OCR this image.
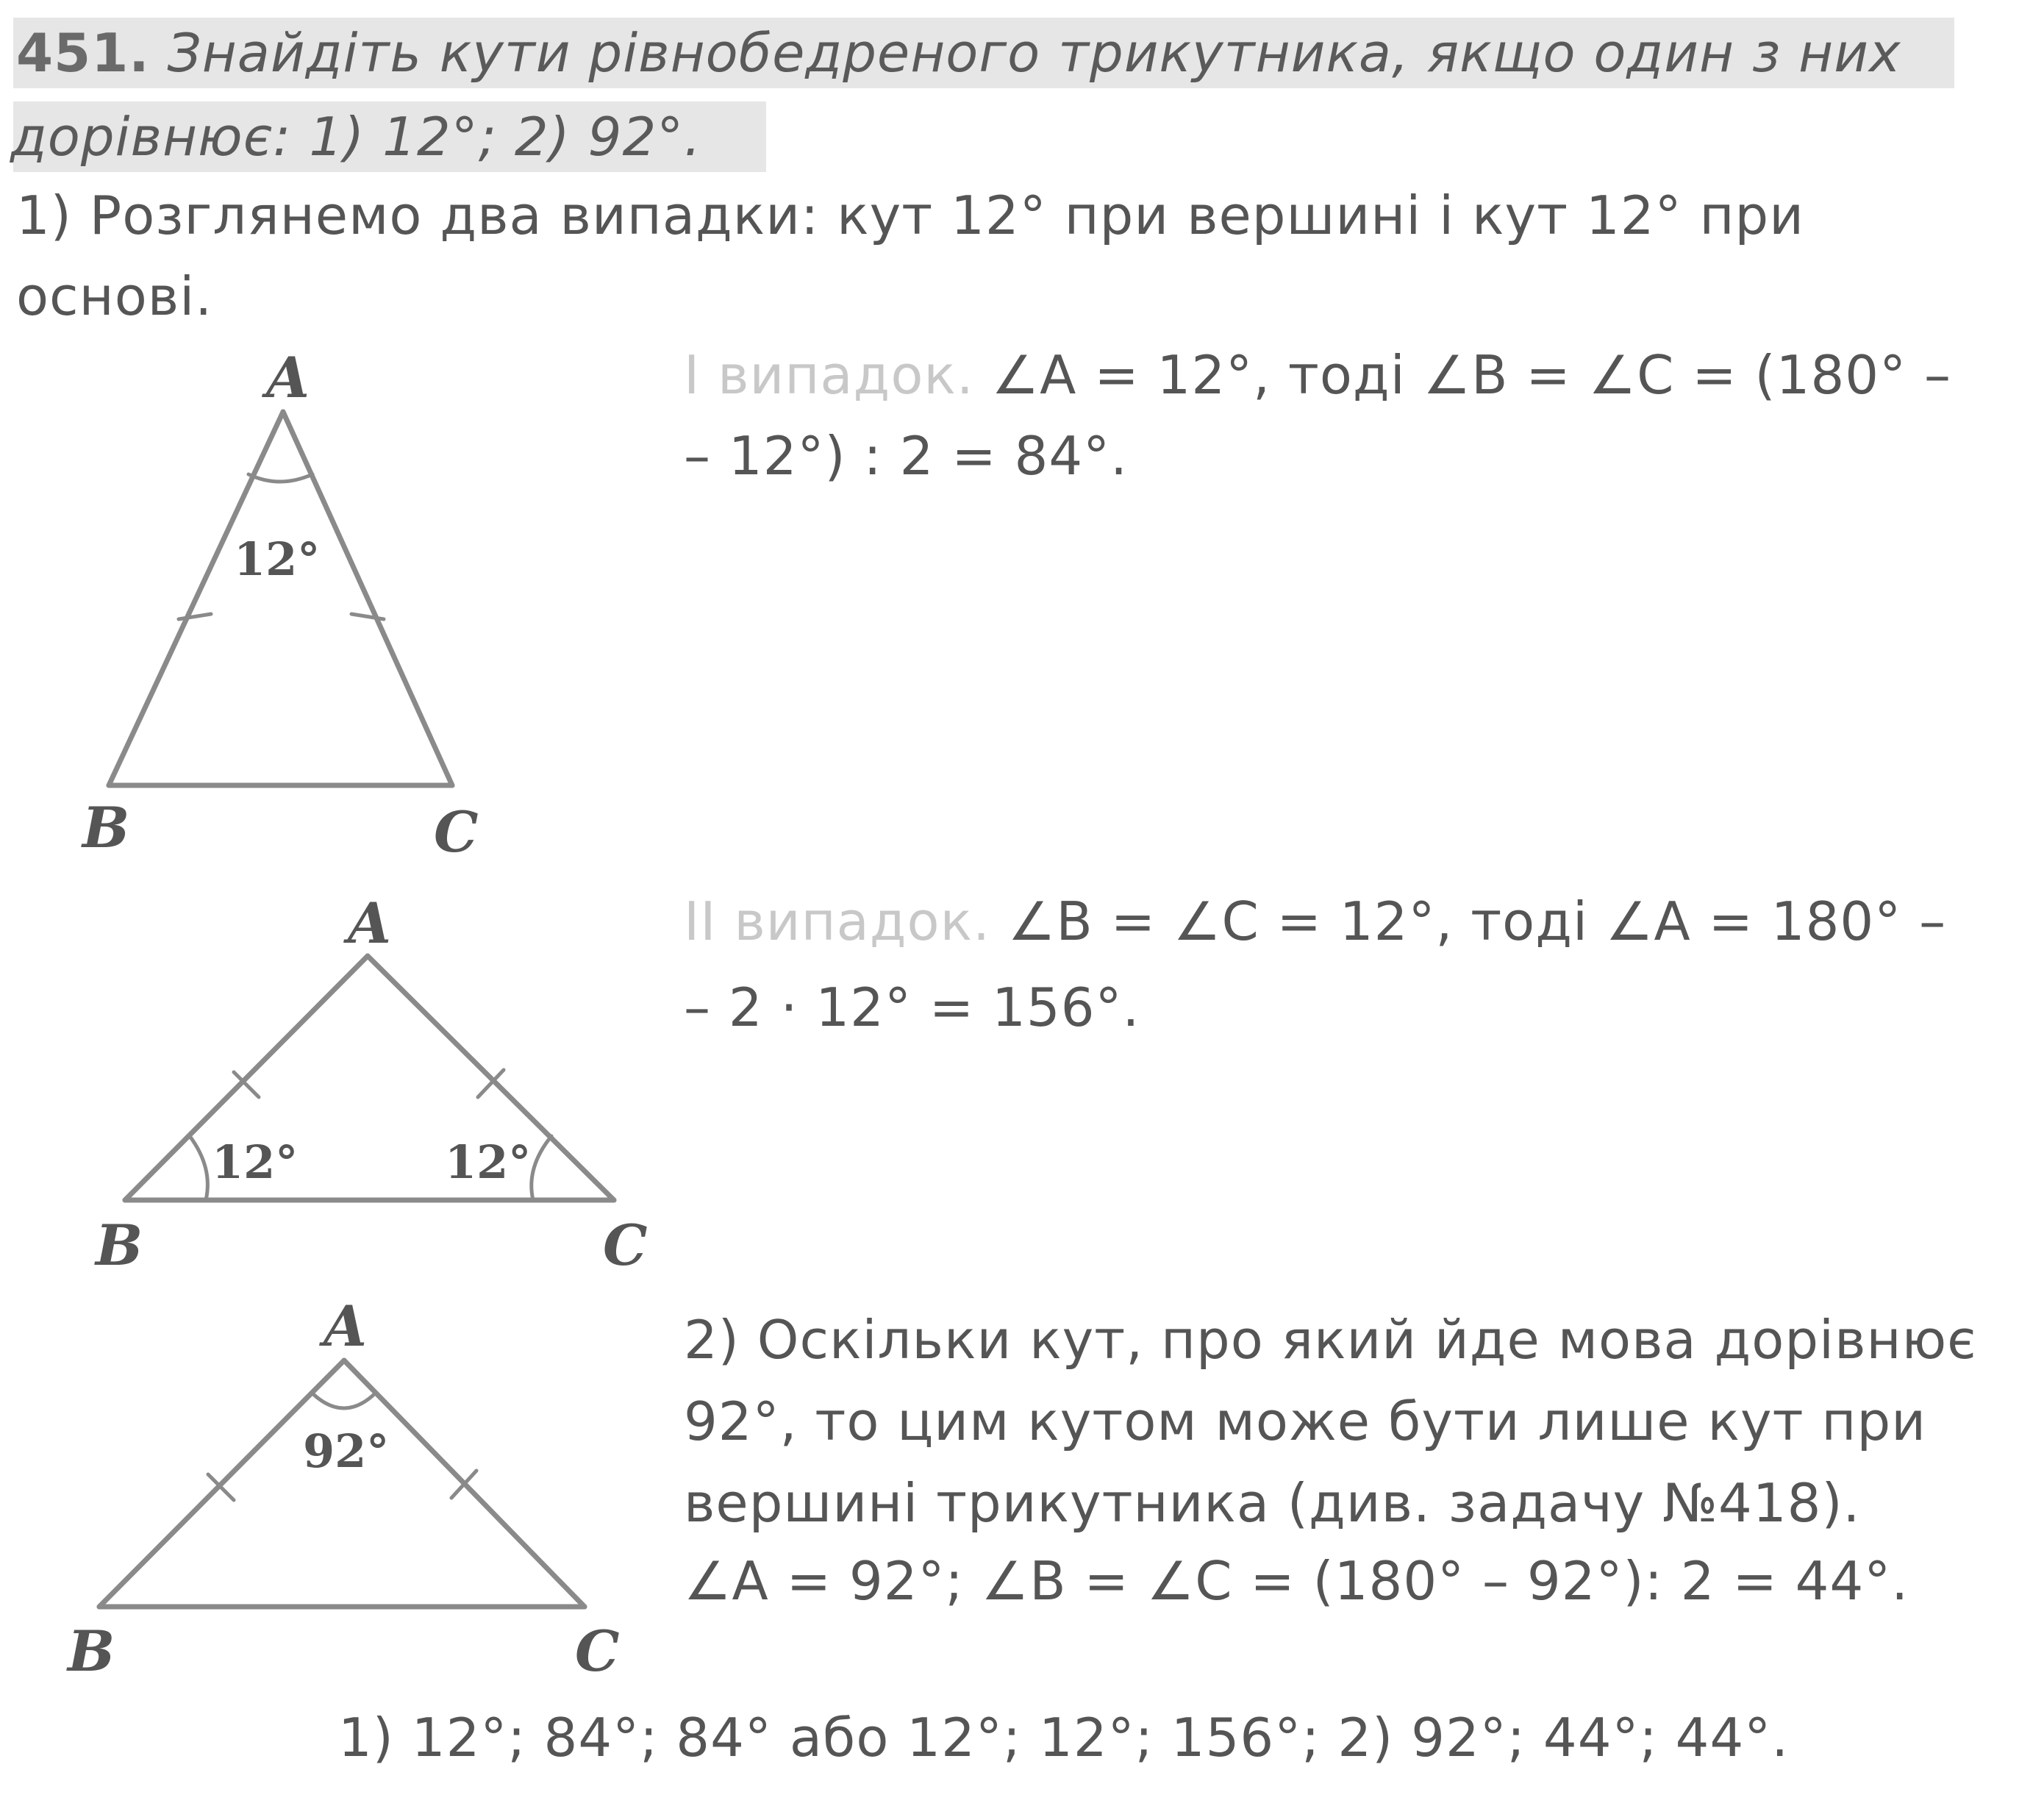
451. Знайдіть кути рівнобедреного трикутника, якщо один з них
дорівнює: 1) 12°; 2) 92°.
1) Розглянемо два випадки: кут 12° при вершині і кут 12° при
основі.
І випадок. ∠A = 12°, тоді ∠B = ∠C = (180° –
– 12°) : 2 = 84°.
ІІ випадок. ∠B = ∠C = 12°, тоді ∠A = 180° –
– 2 · 12° = 156°.
2) Оскільки кут, про який йде мова дорівнює
92°, то цим кутом може бути лише кут при
вершині трикутника (див. задачу №418).
∠A = 92°; ∠B = ∠C = (180° – 92°): 2 = 44°.
1) 12°; 84°; 84° або 12°; 12°; 156°; 2) 92°; 44°; 44°.
A
B	C
12°
A
B	C
12°	12°
A
B	C
92°
